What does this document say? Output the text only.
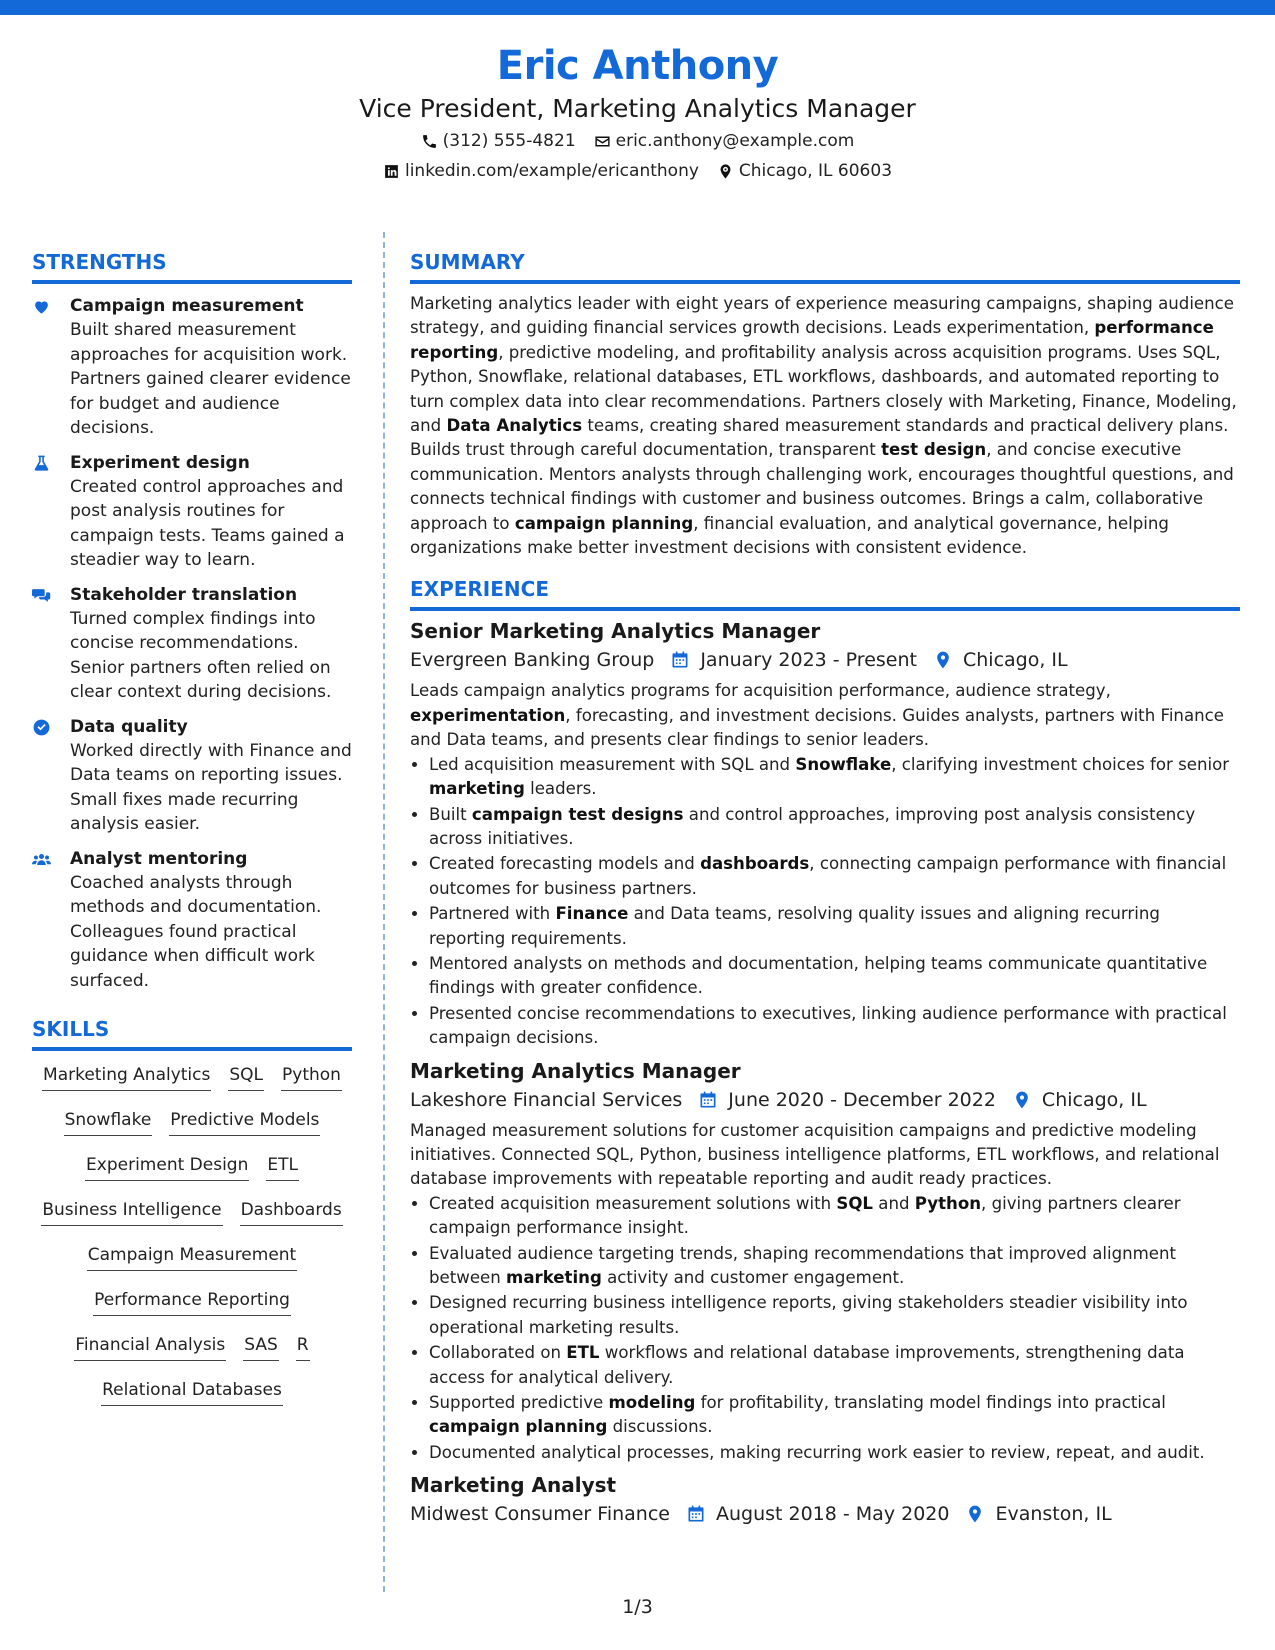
Eric Anthony
Vice President, Marketing Analytics Manager
(312) 555-4821 eric.anthony@example.com
linkedin.com/example/ericanthony Chicago, IL 60603
STRENGTHS
Campaign measurement
Built shared measurement approaches for acquisition work. Partners gained clearer evidence for budget and audience decisions.
Experiment design
Created control approaches and post analysis routines for campaign tests. Teams gained a steadier way to learn.
Stakeholder translation
Turned complex findings into concise recommendations. Senior partners often relied on clear context during decisions.
Data quality
Worked directly with Finance and Data teams on reporting issues. Small fixes made recurring analysis easier.
Analyst mentoring
Coached analysts through methods and documentation. Colleagues found practical guidance when difficult work surfaced.
SKILLS
Marketing Analytics SQL Python
Snowflake Predictive Models
Experiment Design ETL
Business Intelligence Dashboards
Campaign Measurement
Performance Reporting
Financial Analysis SAS R
Relational Databases
SUMMARY

Marketing analytics leader with eight years of experience measuring campaigns, shaping audience strategy, and guiding financial services growth decisions. Leads experimentation, performance reporting, predictive modeling, and profitability analysis across acquisition programs. Uses SQL, Python, Snowflake, relational databases, ETL workflows, dashboards, and automated reporting to turn complex data into clear recommendations. Partners closely with Marketing, Finance, Modeling, and Data Analytics teams, creating shared measurement standards and practical delivery plans. Builds trust through careful documentation, transparent test design, and concise executive communication. Mentors analysts through challenging work, encourages thoughtful questions, and connects technical findings with customer and business outcomes. Brings a calm, collaborative approach to campaign planning, financial evaluation, and analytical governance, helping organizations make better investment decisions with consistent evidence.

EXPERIENCE
Senior Marketing Analytics Manager
Evergreen Banking Group January 2023 - Present Chicago, IL

Leads campaign analytics programs for acquisition performance, audience strategy, experimentation, forecasting, and investment decisions. Guides analysts, partners with Finance and Data teams, and presents clear findings to senior leaders.

• Led acquisition measurement with SQL and Snowflake, clarifying investment choices for senior marketing leaders.
• Built campaign test designs and control approaches, improving post analysis consistency across initiatives.
• Created forecasting models and dashboards, connecting campaign performance with financial outcomes for business partners.
• Partnered with Finance and Data teams, resolving quality issues and aligning recurring reporting requirements.
• Mentored analysts on methods and documentation, helping teams communicate quantitative findings with greater confidence.
• Presented concise recommendations to executives, linking audience performance with practical campaign decisions.
Marketing Analytics Manager
Lakeshore Financial Services June 2020 - December 2022 Chicago, IL

Managed measurement solutions for customer acquisition campaigns and predictive modeling initiatives. Connected SQL, Python, business intelligence platforms, ETL workflows, and relational database improvements with repeatable reporting and audit ready practices.

• Created acquisition measurement solutions with SQL and Python, giving partners clearer campaign performance insight.
• Evaluated audience targeting trends, shaping recommendations that improved alignment between marketing activity and customer engagement.
• Designed recurring business intelligence reports, giving stakeholders steadier visibility into operational marketing results.
• Collaborated on ETL workflows and relational database improvements, strengthening data access for analytical delivery.
• Supported predictive modeling for profitability, translating model findings into practical campaign planning discussions.
• Documented analytical processes, making recurring work easier to review, repeat, and audit.
Marketing Analyst
Midwest Consumer Finance August 2018 - May 2020 Evanston, IL
1/3
